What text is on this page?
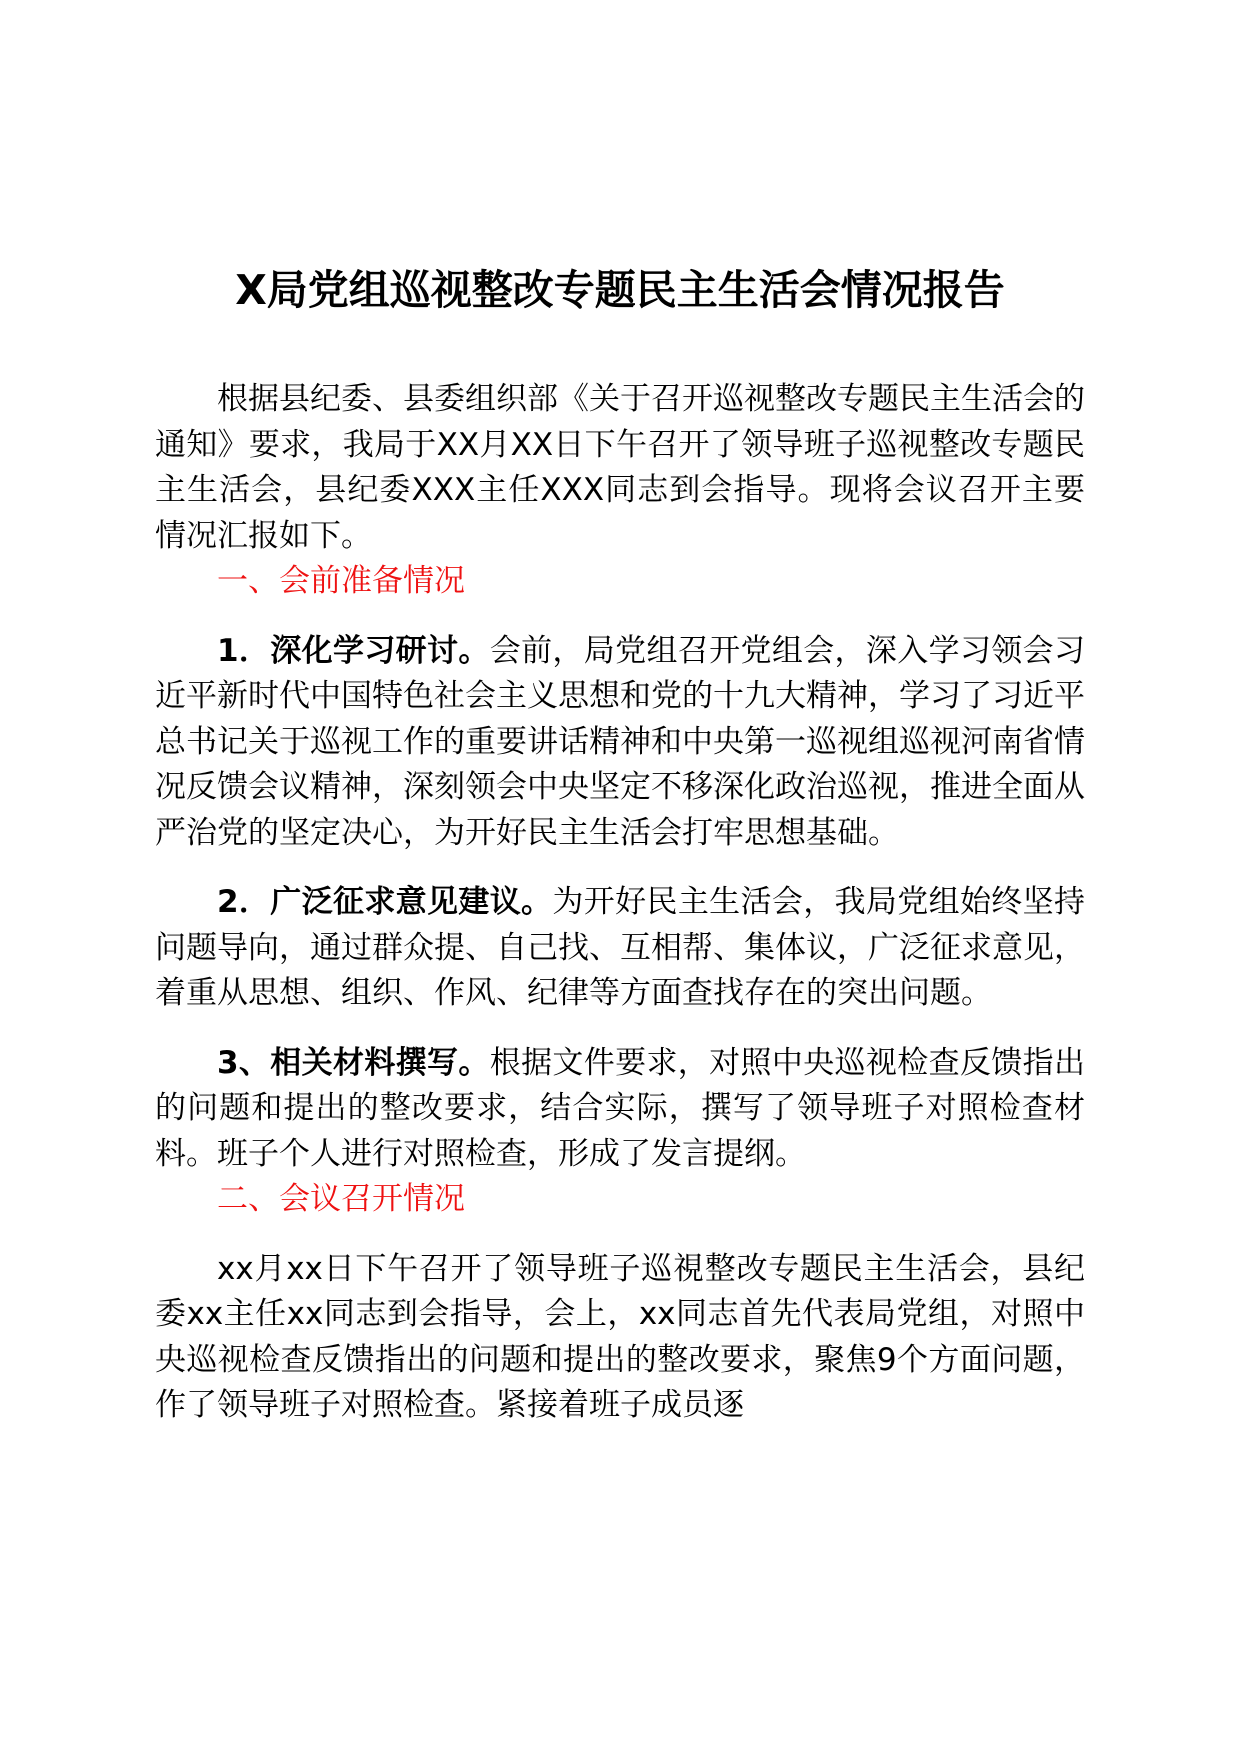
X局党组巡视整改专题民主生活会情况报告

根据县纪委、县委组织部《关于召开巡视整改专题民主生活会的通知》要求，我局于XX月XX日下午召开了领导班子巡视整改专题民主生活会，县纪委XXX主任XXX同志到会指导。现将会议召开主要情况汇报如下。

一、会前准备情况

1．深化学习研讨。会前，局党组召开党组会，深入学习领会习近平新时代中国特色社会主义思想和党的十九大精神，学习了习近平总书记关于巡视工作的重要讲话精神和中央第一巡视组巡视河南省情况反馈会议精神，深刻领会中央坚定不移深化政治巡视，推进全面从严治党的坚定决心，为开好民主生活会打牢思想基础。

2．广泛征求意见建议。为开好民主生活会，我局党组始终坚持问题导向，通过群众提、自己找、互相帮、集体议，广泛征求意见，着重从思想、组织、作风、纪律等方面查找存在的突出问题。

3、相关材料撰写。根据文件要求，对照中央巡视检查反馈指出的问题和提出的整改要求，结合实际，撰写了领导班子对照检查材料。班子个人进行对照检查，形成了发言提纲。

二、会议召开情况

xx月xx日下午召开了领导班子巡視整改专题民主生活会，县纪委xx主任xx同志到会指导，会上，xx同志首先代表局党组，对照中央巡视检查反馈指出的问题和提出的整改要求，聚焦9个方面问题，作了领导班子对照检查。紧接着班子成员逐
